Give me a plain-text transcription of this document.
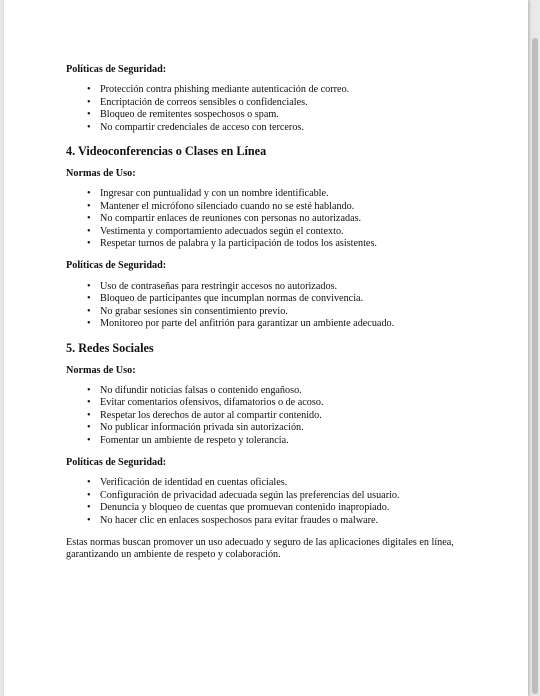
Políticas de Seguridad:
• Protección contra phishing mediante autenticación de correo.
• Encriptación de correos sensibles o confidenciales.
• Bloqueo de remitentes sospechosos o spam.
• No compartir credenciales de acceso con terceros.
4. Videoconferencias o Clases en Línea
Normas de Uso:
• Ingresar con puntualidad y con un nombre identificable.
• Mantener el micrófono silenciado cuando no se esté hablando.
• No compartir enlaces de reuniones con personas no autorizadas.
• Vestimenta y comportamiento adecuados según el contexto.
• Respetar turnos de palabra y la participación de todos los asistentes.
Políticas de Seguridad:
• Uso de contraseñas para restringir accesos no autorizados.
• Bloqueo de participantes que incumplan normas de convivencia.
• No grabar sesiones sin consentimiento previo.
• Monitoreo por parte del anfitrión para garantizar un ambiente adecuado.
5. Redes Sociales
Normas de Uso:
• No difundir noticias falsas o contenido engañoso.
• Evitar comentarios ofensivos, difamatorios o de acoso.
• Respetar los derechos de autor al compartir contenido.
• No publicar información privada sin autorización.
• Fomentar un ambiente de respeto y tolerancia.
Políticas de Seguridad:
• Verificación de identidad en cuentas oficiales.
• Configuración de privacidad adecuada según las preferencias del usuario.
• Denuncia y bloqueo de cuentas que promuevan contenido inapropiado.
• No hacer clic en enlaces sospechosos para evitar fraudes o malware.
Estas normas buscan promover un uso adecuado y seguro de las aplicaciones digitales en línea,
garantizando un ambiente de respeto y colaboración.
